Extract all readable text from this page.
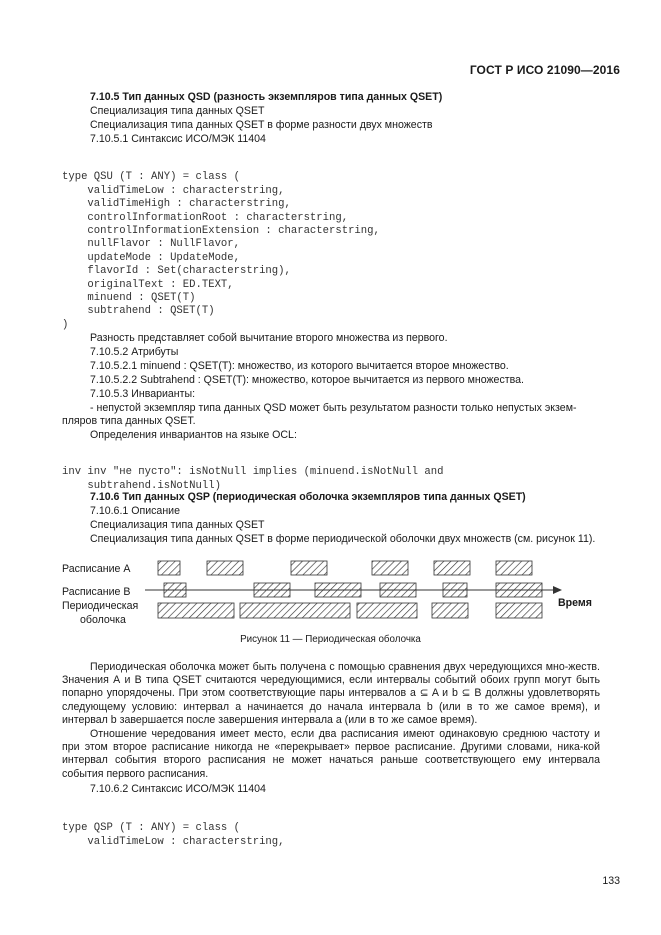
ГОСТ Р ИСО 21090—2016
7.10.5 Тип данных QSD (разность экземпляров типа данных QSET)
Специализация типа данных QSET
Специализация типа данных QSET в форме разности двух множеств
7.10.5.1 Синтаксис ИСО/МЭК 11404

type QSU (T : ANY) = class (
validTimeLow : characterstring,
validTimeHigh : characterstring,
controlInformationRoot : characterstring,
controlInformationExtension : characterstring,
nullFlavor : NullFlavor,
updateMode : UpdateMode,
flavorId : Set(characterstring),
originalText : ED.TEXT,
minuend : QSET(T)
subtrahend : QSET(T)
)

Разность представляет собой вычитание второго множества из первого.
7.10.5.2 Атрибуты
7.10.5.2.1 minuend : QSET(T): множество, из которого вычитается второе множество.
7.10.5.2.2 Subtrahend : QSET(T): множество, которое вычитается из первого множества.
7.10.5.3 Инварианты:
- непустой экземпляр типа данных QSD может быть результатом разности только непустых экзем-
пляров типа данных QSET.
Определения инвариантов на языке OCL:

inv inv "не пусто": isNotNull implies (minuend.isNotNull and
subtrahend.isNotNull)

7.10.6 Тип данных QSP (периодическая оболочка экземпляров типа данных QSET)
7.10.6.1 Описание
Специализация типа данных QSET
Специализация типа данных QSET в форме периодической оболочки двух множеств (см. рисунок 11).
Расписание А
Расписание В
Периодическая
оболочка
Время
Рисунок 11 — Периодическая оболочка
Периодическая оболочка может быть получена с помощью сравнения двух чередующихся мно-жеств. Значения А и В типа QSET считаются чередующимися, если интервалы событий обоих групп могут быть попарно упорядочены. При этом соответствующие пары интервалов a ⊆ A и b ⊆ B должны удовлетворять следующему условию: интервал a начинается до начала интервала b (или в то же самое время), и интервал b завершается после завершения интервала a (или в то же самое время).
Отношение чередования имеет место, если два расписания имеют одинаковую среднюю частоту и при этом второе расписание никогда не «перекрывает» первое расписание. Другими словами, ника-кой интервал события второго расписания не может начаться раньше соответствующего ему интервала события первого расписания.
7.10.6.2 Синтаксис ИСО/МЭК 11404

type QSP (T : ANY) = class (
validTimeLow : characterstring,

133
